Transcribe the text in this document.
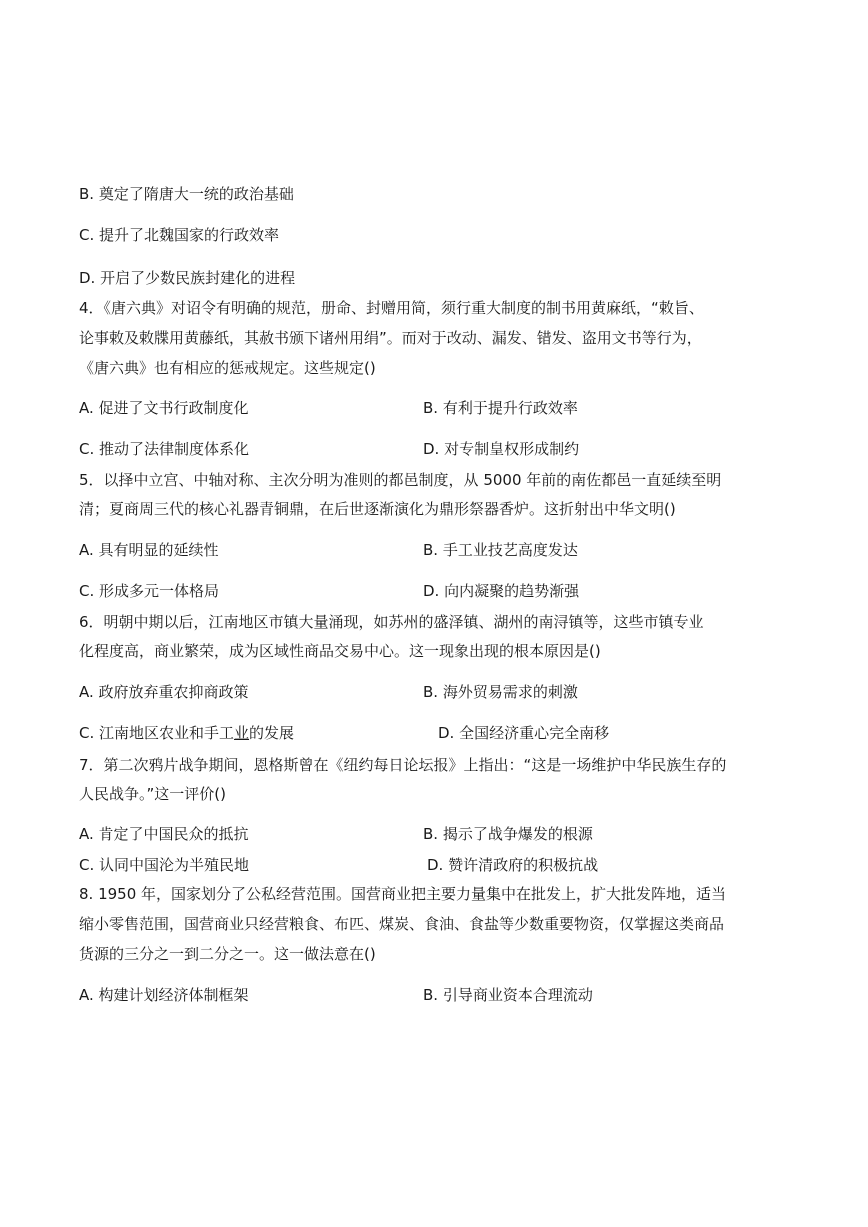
B. 奠定了隋唐大一统的政治基础
C. 提升了北魏国家的行政效率
D. 开启了少数民族封建化的进程
4．《唐六典》对诏令有明确的规范，册命、封赠用简，须行重大制度的制书用黄麻纸，“敕旨、
论事敕及敕牒用黄藤纸，其赦书颁下诸州用绢”。而对于改动、漏发、错发、盗用文书等行为，
《唐六典》也有相应的惩戒规定。这些规定()
A. 促进了文书行政制度化	B. 有利于提升行政效率
C. 推动了法律制度体系化	D. 对专制皇权形成制约
5．以择中立宫、中轴对称、主次分明为准则的都邑制度，从 5000 年前的南佐都邑一直延续至明
清；夏商周三代的核心礼器青铜鼎，在后世逐渐演化为鼎形祭器香炉。这折射出中华文明()
A. 具有明显的延续性	B. 手工业技艺高度发达
C. 形成多元一体格局	D. 向内凝聚的趋势渐强
6．明朝中期以后，江南地区市镇大量涌现，如苏州的盛泽镇、湖州的南浔镇等，这些市镇专业
化程度高，商业繁荣，成为区域性商品交易中心。这一现象出现的根本原因是()
A. 政府放弃重农抑商政策	B. 海外贸易需求的刺激
C. 江南地区农业和手工业的发展	D. 全国经济重心完全南移
7．第二次鸦片战争期间，恩格斯曾在《纽约每日论坛报》上指出：“这是一场维护中华民族生存的
人民战争。”这一评价()
A. 肯定了中国民众的抵抗	B. 揭示了战争爆发的根源
C. 认同中国沦为半殖民地	D. 赞许清政府的积极抗战
8. 1950 年，国家划分了公私经营范围。国营商业把主要力量集中在批发上，扩大批发阵地，适当
缩小零售范围，国营商业只经营粮食、布匹、煤炭、食油、食盐等少数重要物资，仅掌握这类商品
货源的三分之一到二分之一。这一做法意在()
A. 构建计划经济体制框架	B. 引导商业资本合理流动
